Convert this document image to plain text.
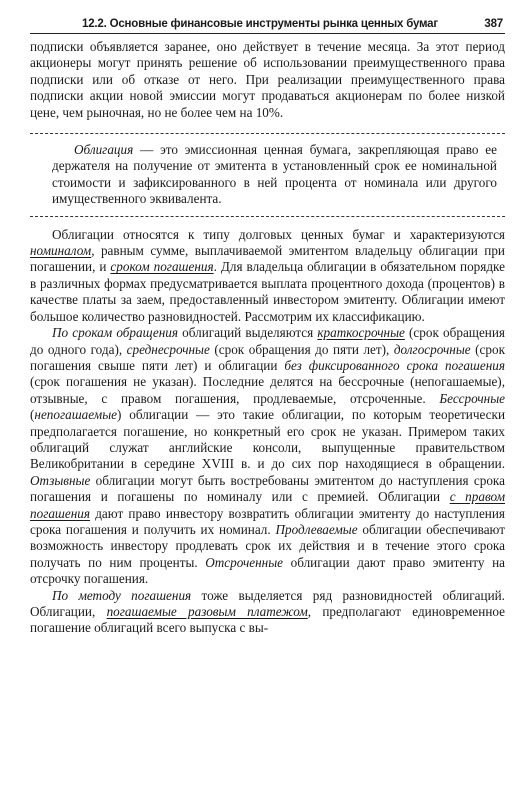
12.2. Основные финансовые инструменты рынка ценных бумаг	387

подписки объявляется заранее, оно действует в течение месяца. За этот период акционеры могут принять решение об использовании преимущественного права подписки или об отказе от него. При реализации преимущественного права подписки акции новой эмиссии могут продаваться акционерам по более низкой цене, чем рыночная, но не более чем на 10%.

Облигация — это эмиссионная ценная бумага, закрепляющая право ее держателя на получение от эмитента в установленный срок ее номинальной стоимости и зафиксированного в ней процента от номинала или другого имущественного эквивалента.

Облигации относятся к типу долговых ценных бумаг и характеризуются номиналом, равным сумме, выплачиваемой эмитентом владельцу облигации при погашении, и сроком погашения. Для владельца облигации в обязательном порядке в различных формах предусматривается выплата процентного дохода (процентов) в качестве платы за заем, предоставленный инвестором эмитенту. Облигации имеют большое количество разновидностей. Рассмотрим их классификацию.

По срокам обращения облигаций выделяются краткосрочные (срок обращения до одного года), среднесрочные (срок обращения до пяти лет), долгосрочные (срок погашения свыше пяти лет) и облигации без фиксированного срока погашения (срок погашения не указан). Последние делятся на бессрочные (непогашаемые), отзывные, с правом погашения, продлеваемые, отсроченные. Бессрочные (непогашаемые) облигации — это такие облигации, по которым теоретически предполагается погашение, но конкретный его срок не указан. Примером таких облигаций служат английские консоли, выпущенные правительством Великобритании в середине XVIII в. и до сих пор находящиеся в обращении. Отзывные облигации могут быть востребованы эмитентом до наступления срока погашения и погашены по номиналу или с премией. Облигации с правом погашения дают право инвестору возвратить облигации эмитенту до наступления срока погашения и получить их номинал. Продлеваемые облигации обеспечивают возможность инвестору продлевать срок их действия и в течение этого срока получать по ним проценты. Отсроченные облигации дают право эмитенту на отсрочку погашения.

По методу погашения тоже выделяется ряд разновидностей облигаций. Облигации, погашаемые разовым платежом, предполагают единовременное погашение облигаций всего выпуска с вы-
